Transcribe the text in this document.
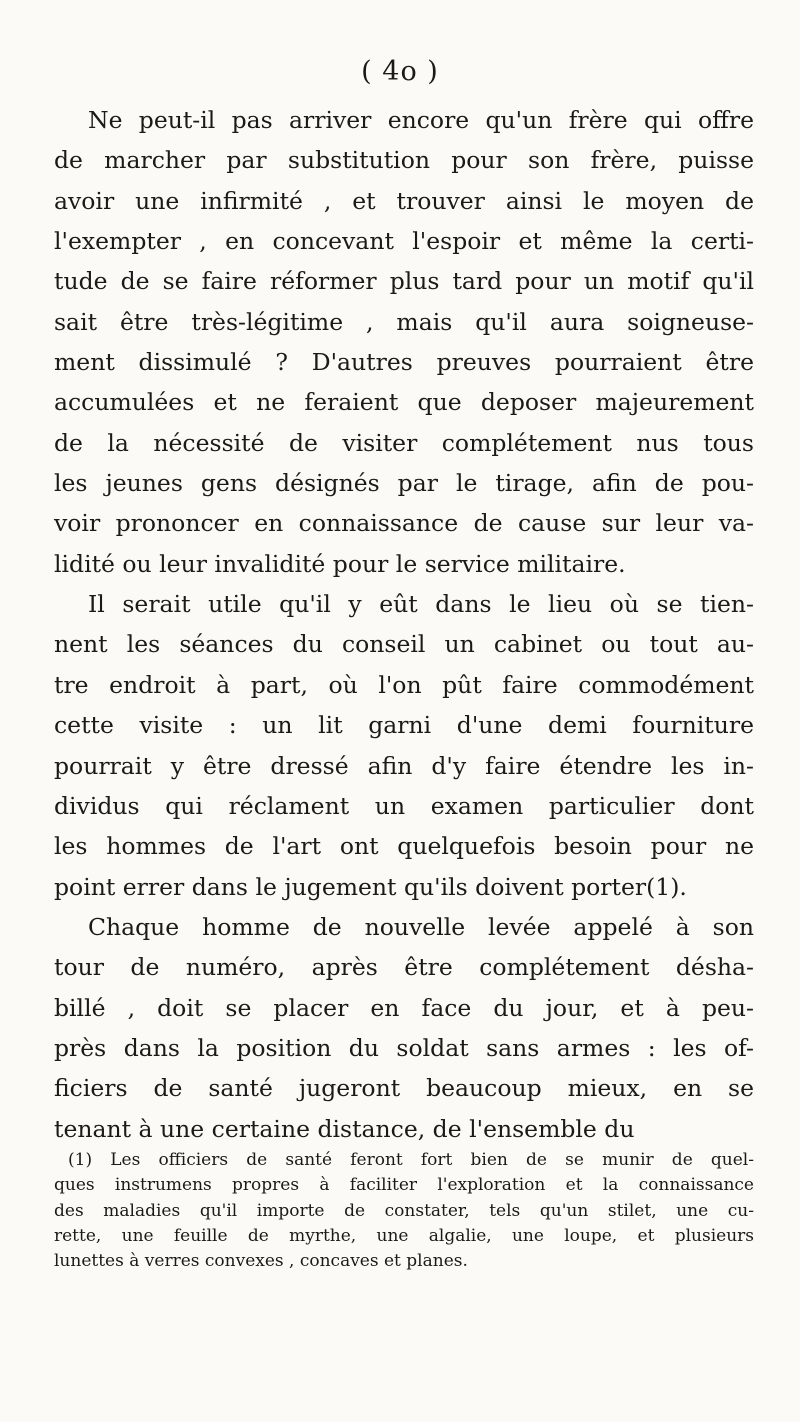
( 4o )
Ne peut-il pas arriver encore qu'un frère qui offre
de marcher par substitution pour son frère, puisse
avoir une infirmité , et trouver ainsi le moyen de
l'exempter , en concevant l'espoir et même la certi-
tude de se faire réformer plus tard pour un motif qu'il
sait être très-légitime , mais qu'il aura soigneuse-
ment dissimulé ? D'autres preuves pourraient être
accumulées et ne feraient que deposer majeurement
de la nécessité de visiter complétement nus tous
les jeunes gens désignés par le tirage, afin de pou-
voir prononcer en connaissance de cause sur leur va-
lidité ou leur invalidité pour le service militaire.
Il serait utile qu'il y eût dans le lieu où se tien-
nent les séances du conseil un cabinet ou tout au-
tre endroit à part, où l'on pût faire commodément
cette visite : un lit garni d'une demi fourniture
pourrait y être dressé afin d'y faire étendre les in-
dividus qui réclament un examen particulier dont
les hommes de l'art ont quelquefois besoin pour ne
point errer dans le jugement qu'ils doivent porter(1).
Chaque homme de nouvelle levée appelé à son
tour de numéro, après être complétement désha-
billé , doit se placer en face du jour, et à peu-
près dans la position du soldat sans armes : les of-
ficiers de santé jugeront beaucoup mieux, en se
tenant à une certaine distance, de l'ensemble du
(1) Les officiers de santé feront fort bien de se munir de quel-
ques instrumens propres à faciliter l'exploration et la connaissance
des maladies qu'il importe de constater, tels qu'un stilet, une cu-
rette, une feuille de myrthe, une algalie, une loupe, et plusieurs
lunettes à verres convexes , concaves et planes.
